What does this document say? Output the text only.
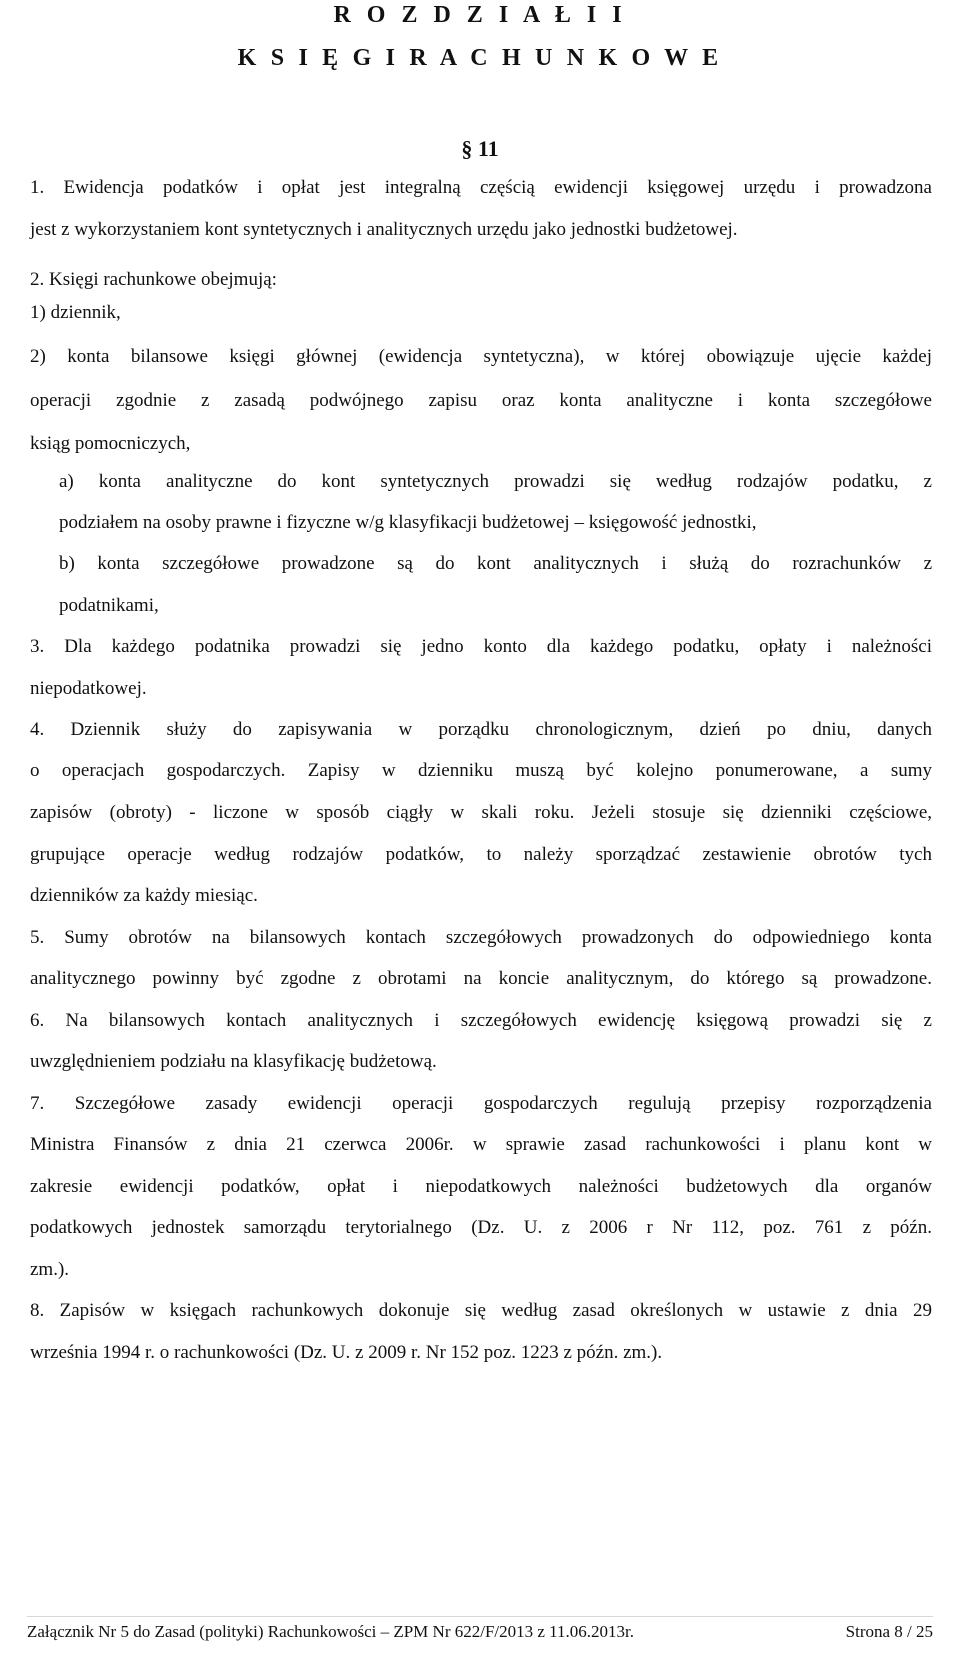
R O Z D Z I A Ł I I
K S I Ę G I R A C H U N K O W E
§ 11
1. Ewidencja podatków i opłat jest integralną częścią ewidencji księgowej urzędu i prowadzona
jest z wykorzystaniem kont syntetycznych i analitycznych urzędu jako jednostki budżetowej.
2. Księgi rachunkowe obejmują:
1) dziennik,
2) konta bilansowe księgi głównej (ewidencja syntetyczna), w której obowiązuje ujęcie każdej
operacji zgodnie z zasadą podwójnego zapisu oraz konta analityczne i konta szczegółowe
ksiąg pomocniczych,
a) konta analityczne do kont syntetycznych prowadzi się według rodzajów podatku, z
podziałem na osoby prawne i fizyczne w/g klasyfikacji budżetowej – księgowość jednostki,
b) konta szczegółowe prowadzone są do kont analitycznych i służą do rozrachunków z
podatnikami,
3. Dla każdego podatnika prowadzi się jedno konto dla każdego podatku, opłaty i należności
niepodatkowej.
4. Dziennik służy do zapisywania w porządku chronologicznym, dzień po dniu, danych
o operacjach gospodarczych. Zapisy w dzienniku muszą być kolejno ponumerowane, a sumy
zapisów (obroty) - liczone w sposób ciągły w skali roku. Jeżeli stosuje się dzienniki częściowe,
grupujące operacje według rodzajów podatków, to należy sporządzać zestawienie obrotów tych
dzienników za każdy miesiąc.
5. Sumy obrotów na bilansowych kontach szczegółowych prowadzonych do odpowiedniego konta
analitycznego powinny być zgodne z obrotami na koncie analitycznym, do którego są prowadzone.
6. Na bilansowych kontach analitycznych i szczegółowych ewidencję księgową prowadzi się z
uwzględnieniem podziału na klasyfikację budżetową.
7. Szczegółowe zasady ewidencji operacji gospodarczych regulują przepisy rozporządzenia
Ministra Finansów z dnia 21 czerwca 2006r. w sprawie zasad rachunkowości i planu kont w
zakresie ewidencji podatków, opłat i niepodatkowych należności budżetowych dla organów
podatkowych jednostek samorządu terytorialnego (Dz. U. z 2006 r Nr 112, poz. 761 z późn.
zm.).
8. Zapisów w księgach rachunkowych dokonuje się według zasad określonych w ustawie z dnia 29
września 1994 r. o rachunkowości (Dz. U. z 2009 r. Nr 152 poz. 1223 z późn. zm.).
Załącznik Nr 5 do Zasad (polityki) Rachunkowości – ZPM Nr 622/F/2013 z 11.06.2013r.	Strona 8 / 25
